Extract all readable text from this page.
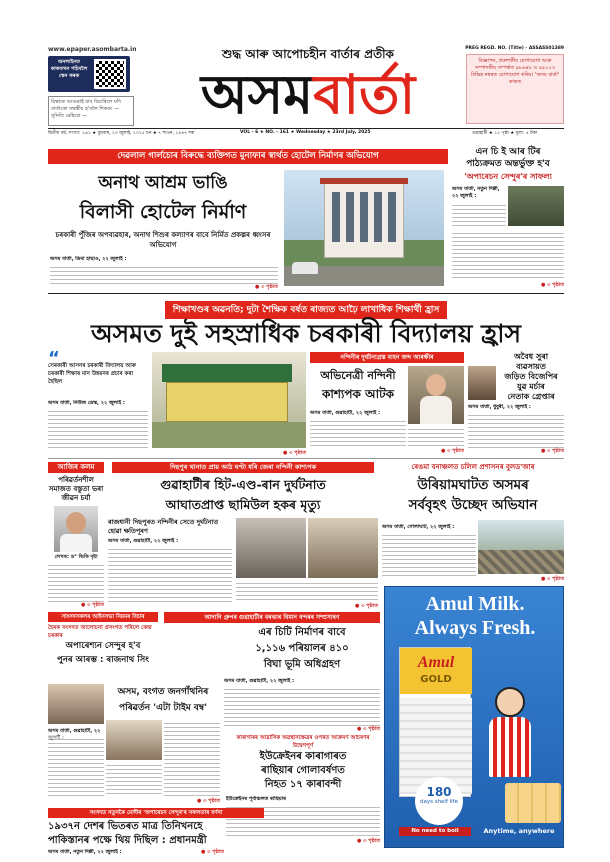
www.epaper.asombarta.in
অনলাইনত কাকতখন পঢ়িবলৈ স্কেন কৰক
চিন্তাৰে আগুৱাই যাব বিচাৰিলে যদি বাৰ্তাকো সম্বন্ধীয় হ'বলৈ শিকক। — সুনিতি মেহিরো —
শুদ্ধ আৰু আপোচহীন বাৰ্তাৰ প্ৰতীক
অসমবাৰ্তা
PREG REGD. NO. (Title) - ASSASS01389
বিজ্ঞাপন, প্ৰকাশকীয় যোগাযোগ আৰু সম্পাদকীয় সম্পৰ্কত ৯৮৬৪৮ ও ৯৫০০৩ বিভিন্ন নম্বৰত যোগাযোগ কৰিব। 'অসম বাৰ্তা' কাকত
দ্বিতীয় বৰ্ষ, সংখ্যা: ১৬১ ★ বুধবাৰ, ২৩ জুলাই, ২০২৫ চন ★ ৭ শাওন, ১৪৪৭ শক	VOL - 6 ★ NO. - 161 ★ Wednesday ★ 23rd July, 2025	গুৱাহাটী ★ ১২ পৃষ্ঠা ★ মূল্য: ৫ টকা
দেৱলাল গাৰ্লচোৰ বিৰুদ্ধে ব্যক্তিগত মুনাফাৰ স্বাৰ্থত হোটেল নিৰ্মাণৰ অভিযোগ
অনাথ আশ্ৰম ভাঙি
বিলাসী হোটেল নিৰ্মাণ
চৰকাৰী পুঁজিৰ অপব্যৱহাৰ, অনাথ শিশুৰ কল্যাণৰ বাবে নিৰ্মিত প্ৰকল্পৰ ধ্বংসৰ অভিযোগ
অসম বাৰ্তা, ডিমা হাছাও, ২২ জুলাই :
● ৩ পৃষ্ঠাত
এন চি ই আৰ টিৰ
পাঠ্যক্ৰমত অন্তৰ্ভুক্ত হ'ব
'অপাৰেচন সেন্দুৰ'ৰ সাফল্য
অসম বাৰ্তা, নতুন দিল্লী, ২২ জুলাই :
● ৩ পৃষ্ঠাত
শিক্ষাখণ্ডৰ অৱনতি; দুটা শৈক্ষিক বৰ্ষত ৰাজ্যত আঢ়ৈ লাখাধিক শিক্ষাৰ্থী হ্ৰাস
অসমত দুই সহস্ৰাধিক চৰকাৰী বিদ্যালয় হ্ৰাস
“
সেৰকাৰী আসনৰ চৰকাৰী বিদ্যালয় আৰু চৰকাৰী শিক্ষাৰ মান উন্নয়নৰ প্ৰচাৰ কৰা হৈছিল
অসম বাৰ্তা, নিউজ ডেস্ক, ২২ জুলাই :
● ৩ পৃষ্ঠাত
নন্দিনীৰ দুৰ্ঘটনাগ্ৰস্ত বাহন জব্দ আৰক্ষীৰ
অভিনেত্ৰী নন্দিনী
কাশ্যপক আটক
অসম বাৰ্তা, গুৱাহাটী, ২২ জুলাই :
● ৩ পৃষ্ঠাত
অবৈধ সুৰা
ব্যৱসায়ত
জড়িত বিজেপিৰ
যুৱ মৰ্চাৰ
নেতাক গ্ৰেপ্তাৰ
অসম বাৰ্তা, ধুবুৰী, ২২ জুলাই :
● ৩ পৃষ্ঠাত
আজিৰ কলম
পৰিৱৰ্তনশীল সমাজত বস্তুতা ভৰা জীৱন চৰ্যা
লেখক: ড° ভিকি দৃষ্টা
● ৩ পৃষ্ঠাত
দিছপুৰ থানাত প্ৰায় আঠ ঘণ্টা ধৰি জেৰা নন্দিনী কাশ্যপক
গুৱাহাটীৰ হিট-এণ্ড-ৰান দুৰ্ঘটনাত
আঘাতপ্ৰাপ্ত ছামিউল হকৰ মৃত্যু
ৰাজধানী দিছপুৰত নন্দিনীৰ সেতে দুৰ্ঘটনাত হোৱা ক্ষতিপূৰণ
অসম বাৰ্তা, গুৱাহাটী, ২২ জুলাই :
● ৩ পৃষ্ঠাত
ৰেঙমা বনাঞ্চলত চলিল প্ৰশাসনৰ বুলড'জাৰ
উৰিয়ামঘাটত অসমৰ
সৰ্ববৃহৎ উচ্ছেদ অভিযান
অসম বাৰ্তা, গোলাঘাট, ২২ জুলাই :
● ৩ পৃষ্ঠাত
সাংসদসকলৰ আইনসভা নিয়মৰ বিচাৰ
হৈৰক সংসদত আলোচনা প্ৰসংগত পৰিলে কেন্দ্ৰ চৰকাৰ
অপাৰেশ্যন সেন্দুৰ হ'ব
পুনৰ আৰম্ভ : ৰাজনাথ সিং
আদানি গ্ৰুপৰ গুৱাহাটীৰ বৰঝাৰ বিমান বন্দৰৰ সম্প্ৰসাৰণ
এৰ চিটি নিৰ্মাণৰ বাবে
১,১১৬ পৰিয়ালৰ ৪১০
বিঘা ভূমি অধিগ্ৰহণ
অসম বাৰ্তা, গুৱাহাটী, ২২ জুলাই :
● ৩ পৃষ্ঠাত
অসম, বংগত জনগাঁথনিৰ
পৰিৱৰ্তন 'এটা টাইম বম্ব'
অসম বাৰ্তা, গুৱাহাটী, ২২
● ৩ পৃষ্ঠাত
কাৰাগাৰৰ আৱাসিক অৱস্থানক্ষেত্ৰৰ ওপৰত আক্ৰমণ আচৰণৰ উদ্বেগপূৰ্ণ
ইউক্ৰেইনৰ কাৰাগাৰত
ৰাছিয়াৰ গোলাবৰ্ষণত
নিহত ১৭ কাৰাবন্দী
ইউক্ৰেইনৰ পূৰ্বাঞ্চলত ৰাছিয়াৰ
● ৩ পৃষ্ঠাত
Amul Milk.
Always Fresh.
Amul
GOLD
180
days shelf life
No need to boil	Anytime, anywhere
সংসদত নতুনকৈ মোদীৰ 'অপাৰেচন সেন্দুৰ'ৰ সফলতাৰ বৰ্ণনা
১৯৩৭ন দেশৰ ভিতৰত মাত্ৰ তিনিখনহে
পাকিস্তানৰ পক্ষে থিয় দিছিল : প্ৰধানমন্ত্ৰী
অসম বাৰ্তা, নতুন দিল্লী, ২২ জুলাই :	● ৩ পৃষ্ঠাত
